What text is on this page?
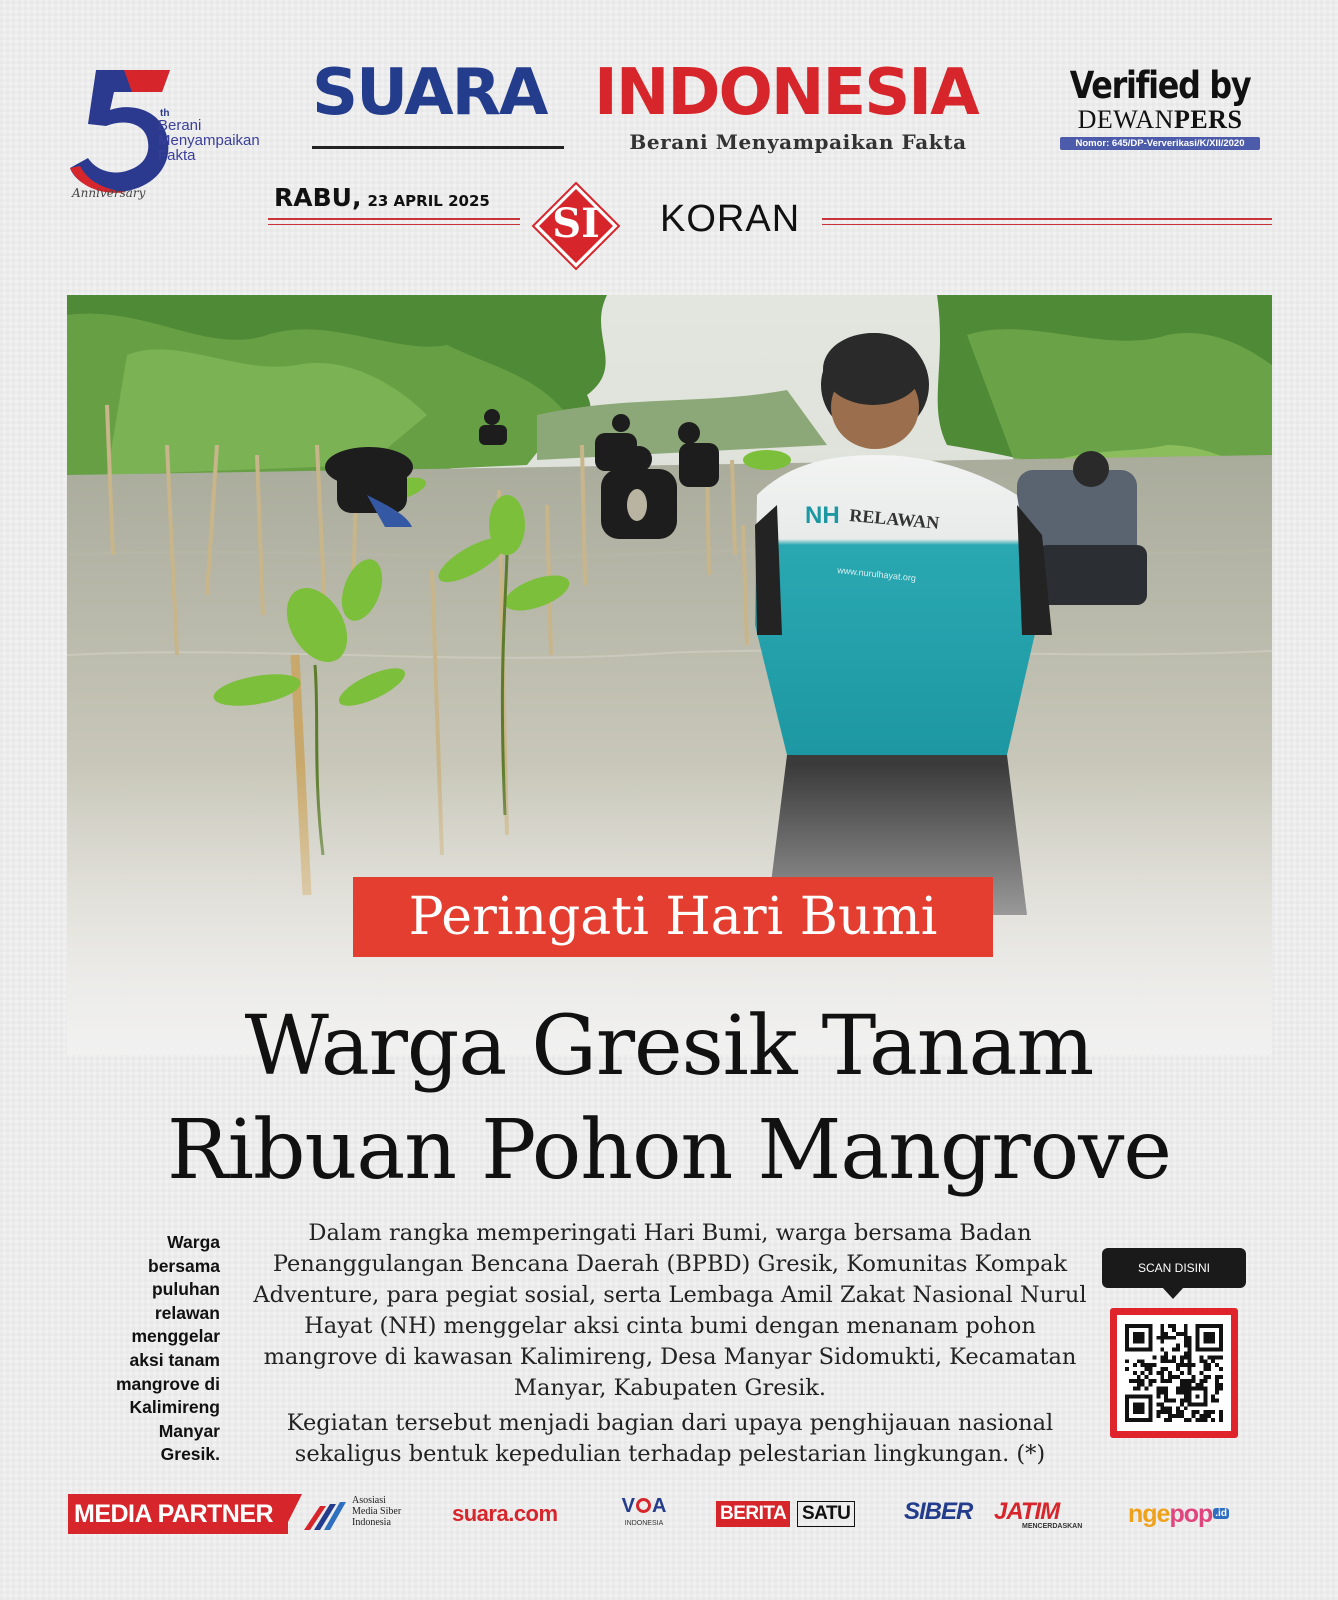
th
Berani
Menyampaikan
Fakta
Anniversary
SUARA INDONESIA
Berani Menyampaikan Fakta
Verified by
DEWANPERS
Nomor: 645/DP-Ververikasi/K/XII/2020
RABU, 23 APRIL 2025	SI	KORAN
NH RELAWAN
www.nurulhayat.org
Peringati Hari Bumi
Warga Gresik Tanam
Ribuan Pohon Mangrove
Warga
bersama
puluhan
relawan
menggelar
aksi tanam
mangrove di
Kalimireng
Manyar
Gresik.

Dalam rangka memperingati Hari Bumi, warga bersama Badan Penanggulangan Bencana Daerah (BPBD) Gresik, Komunitas Kompak Adventure, para pegiat sosial, serta Lembaga Amil Zakat Nasional Nurul Hayat (NH) menggelar aksi cinta bumi dengan menanam pohon mangrove di kawasan Kalimireng, Desa Manyar Sidomukti, Kecamatan Manyar, Kabupaten Gresik.

Kegiatan tersebut menjadi bagian dari upaya penghijauan nasional sekaligus bentuk kepedulian terhadap pelestarian lingkungan. (*)

SCAN DISINI
MEDIA PARTNER	Asosiasi
Media Siber
Indonesia	suara.com	V A
INDONESIA	BERITA SATU SIBER JATIM
MENCERDASKAN ngepop $^{.id}$
